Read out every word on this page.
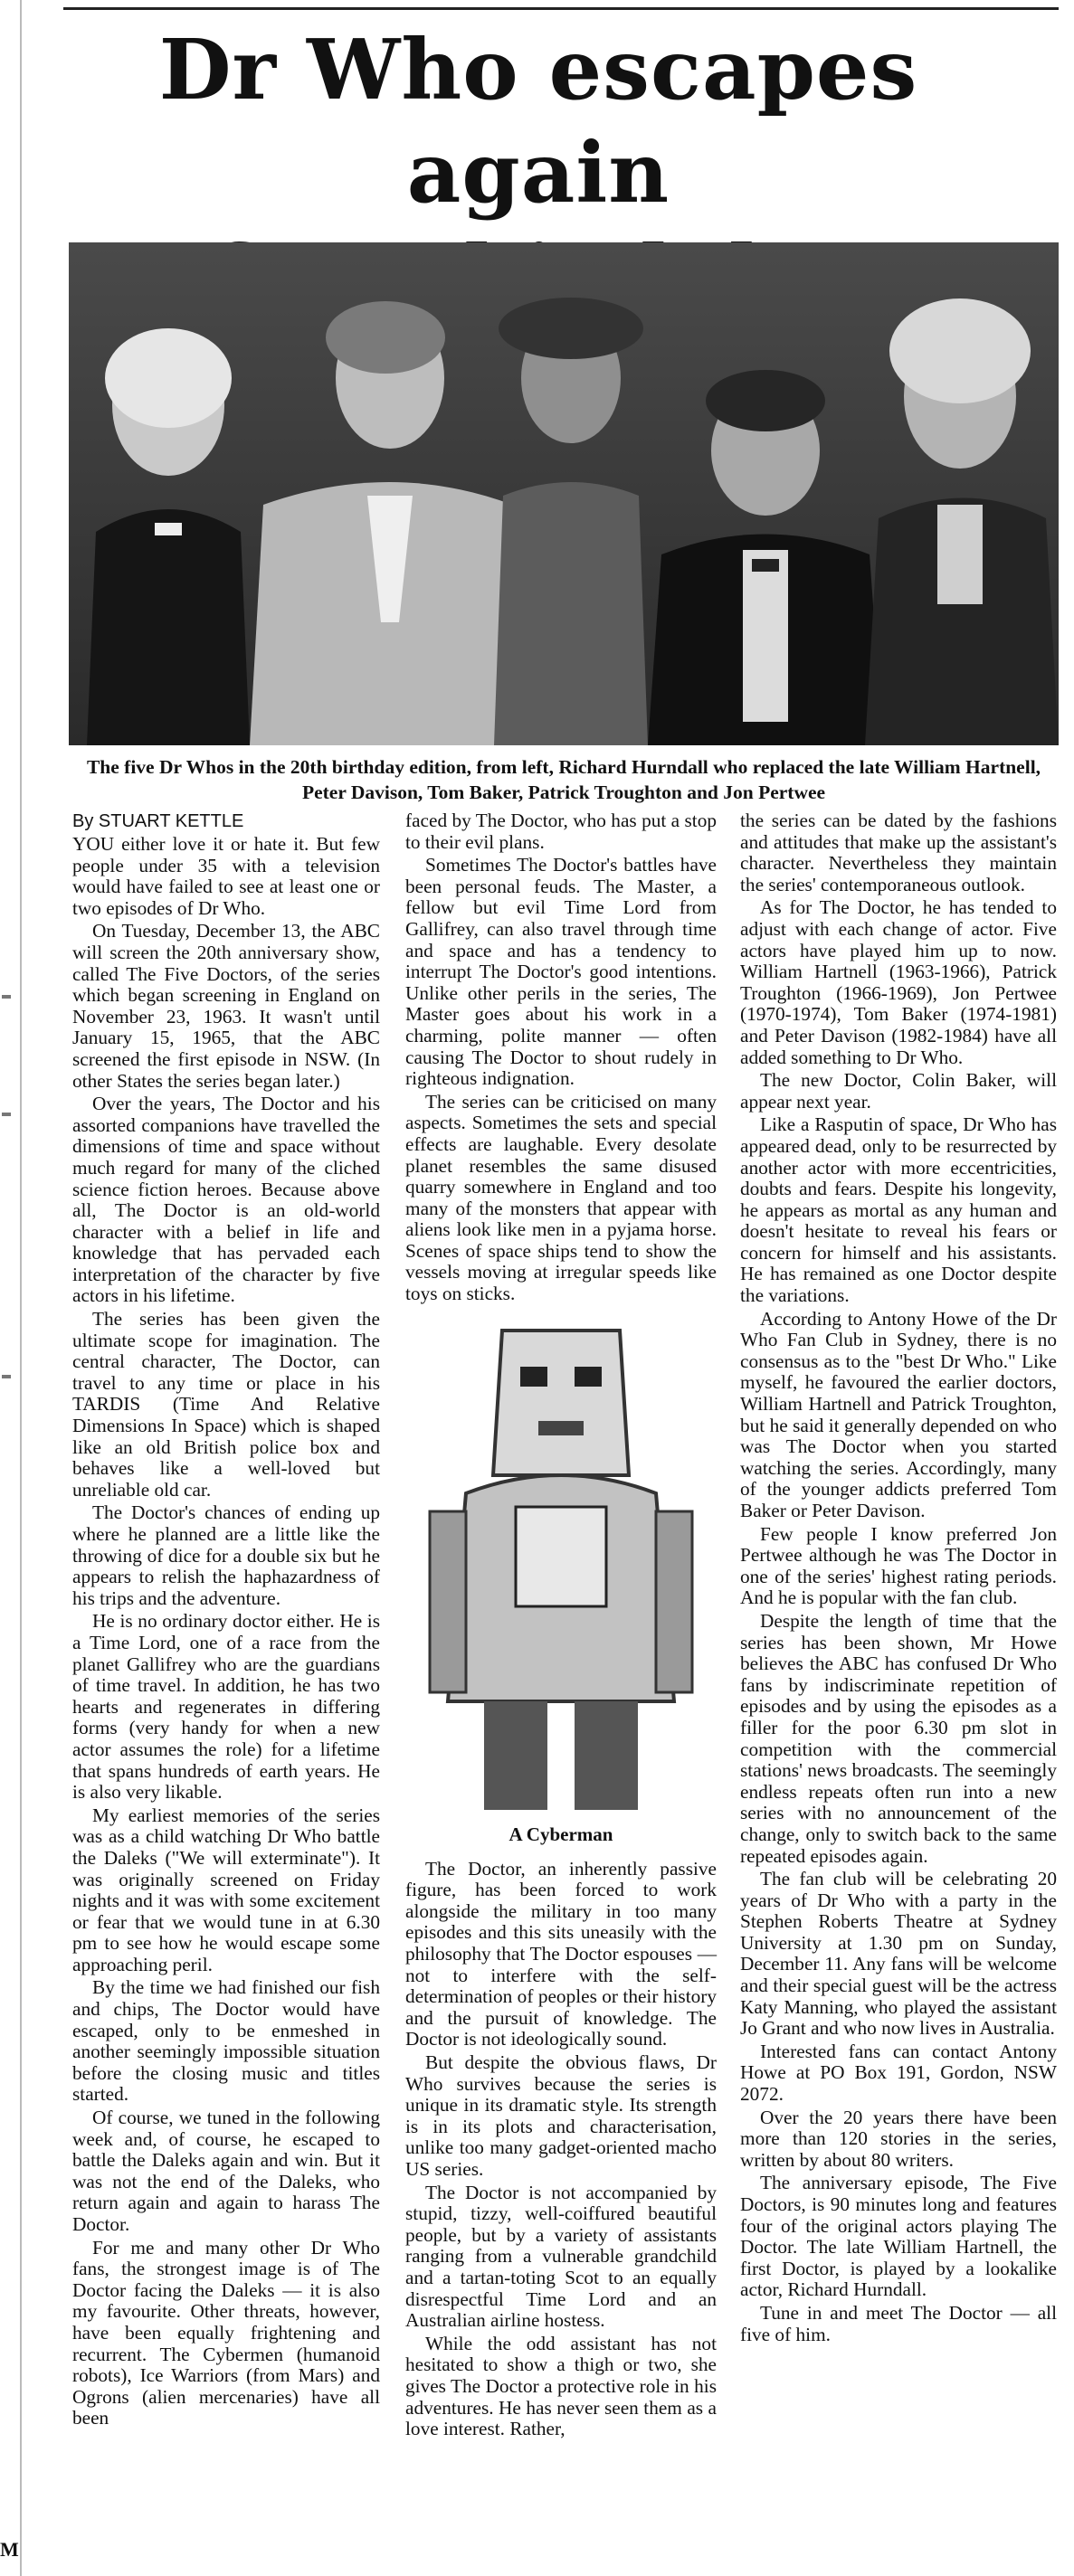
Dr Who escapes again

The five Dr Whos in the 20th birthday edition, from left, Richard Hurndall who replaced the late William Hartnell, Peter Davison, Tom Baker, Patrick Troughton and Jon Pertwee
By STUART KETTLE

YOU either love it or hate it. But few people under 35 with a television would have failed to see at least one or two episodes of Dr Who.

On Tuesday, December 13, the ABC will screen the 20th anniversary show, called The Five Doctors, of the series which began screening in England on November 23, 1963. It wasn't until January 15, 1965, that the ABC screened the first episode in NSW. (In other States the series began later.)

Over the years, The Doctor and his assorted companions have travelled the dimensions of time and space without much regard for many of the cliched science fiction heroes. Because above all, The Doctor is an old-world character with a belief in life and knowledge that has pervaded each interpretation of the character by five actors in his lifetime.

The series has been given the ultimate scope for imagination. The central character, The Doctor, can travel to any time or place in his TARDIS (Time And Relative Dimensions In Space) which is shaped like an old British police box and behaves like a well-loved but unreliable old car.

The Doctor's chances of ending up where he planned are a little like the throwing of dice for a double six but he appears to relish the haphazardness of his trips and the adventure.

He is no ordinary doctor either. He is a Time Lord, one of a race from the planet Gallifrey who are the guardians of time travel. In addition, he has two hearts and regenerates in differing forms (very handy for when a new actor assumes the role) for a lifetime that spans hundreds of earth years. He is also very likable.

My earliest memories of the series was as a child watching Dr Who battle the Daleks ("We will exterminate"). It was originally screened on Friday nights and it was with some excitement or fear that we would tune in at 6.30 pm to see how he would escape some approaching peril.

By the time we had finished our fish and chips, The Doctor would have escaped, only to be enmeshed in another seemingly impossible situation before the closing music and titles started.

Of course, we tuned in the following week and, of course, he escaped to battle the Daleks again and win. But it was not the end of the Daleks, who return again and again to harass The Doctor.

For me and many other Dr Who fans, the strongest image is of The Doctor facing the Daleks — it is also my favourite. Other threats, however, have been equally frightening and recurrent. The Cybermen (humanoid robots), Ice Warriors (from Mars) and Ogrons (alien mercenaries) have all been

faced by The Doctor, who has put a stop to their evil plans.

Sometimes The Doctor's battles have been personal feuds. The Master, a fellow but evil Time Lord from Gallifrey, can also travel through time and space and has a tendency to interrupt The Doctor's good intentions. Unlike other perils in the series, The Master goes about his work in a charming, polite manner — often causing The Doctor to shout rudely in righteous indignation.

The series can be criticised on many aspects. Sometimes the sets and special effects are laughable. Every desolate planet resembles the same disused quarry somewhere in England and too many of the monsters that appear with aliens look like men in a pyjama horse. Scenes of space ships tend to show the vessels moving at irregular speeds like toys on sticks.

A Cyberman

The Doctor, an inherently passive figure, has been forced to work alongside the military in too many episodes and this sits uneasily with the philosophy that The Doctor espouses — not to interfere with the self-determination of peoples or their history and the pursuit of knowledge. The Doctor is not ideologically sound.

But despite the obvious flaws, Dr Who survives because the series is unique in its dramatic style. Its strength is in its plots and characterisation, unlike too many gadget-oriented macho US series.

The Doctor is not accompanied by stupid, tizzy, well-coiffured beautiful people, but by a variety of assistants ranging from a vulnerable grandchild and a tartan-toting Scot to an equally disrespectful Time Lord and an Australian airline hostess.

While the odd assistant has not hesitated to show a thigh or two, she gives The Doctor a protective role in his adventures. He has never seen them as a love interest. Rather,

the series can be dated by the fashions and attitudes that make up the assistant's character. Nevertheless they maintain the series' contemporaneous outlook.

As for The Doctor, he has tended to adjust with each change of actor. Five actors have played him up to now. William Hartnell (1963-1966), Patrick Troughton (1966-1969), Jon Pertwee (1970-1974), Tom Baker (1974-1981) and Peter Davison (1982-1984) have all added something to Dr Who.

The new Doctor, Colin Baker, will appear next year.

Like a Rasputin of space, Dr Who has appeared dead, only to be resurrected by another actor with more eccentricities, doubts and fears. Despite his longevity, he appears as mortal as any human and doesn't hesitate to reveal his fears or concern for himself and his assistants. He has remained as one Doctor despite the variations.

According to Antony Howe of the Dr Who Fan Club in Sydney, there is no consensus as to the "best Dr Who." Like myself, he favoured the earlier doctors, William Hartnell and Patrick Troughton, but he said it generally depended on who was The Doctor when you started watching the series. Accordingly, many of the younger addicts preferred Tom Baker or Peter Davison.

Few people I know preferred Jon Pertwee although he was The Doctor in one of the series' highest rating periods. And he is popular with the fan club.

Despite the length of time that the series has been shown, Mr Howe believes the ABC has confused Dr Who fans by indiscriminate repetition of episodes and by using the episodes as a filler for the poor 6.30 pm slot in competition with the commercial stations' news broadcasts. The seemingly endless repeats often run into a new series with no announcement of the change, only to switch back to the same repeated episodes again.

The fan club will be celebrating 20 years of Dr Who with a party in the Stephen Roberts Theatre at Sydney University at 1.30 pm on Sunday, December 11. Any fans will be welcome and their special guest will be the actress Katy Manning, who played the assistant Jo Grant and who now lives in Australia.

Interested fans can contact Antony Howe at PO Box 191, Gordon, NSW 2072.

Over the 20 years there have been more than 120 stories in the series, written by about 80 writers.

The anniversary episode, The Five Doctors, is 90 minutes long and features four of the original actors playing The Doctor. The late William Hartnell, the first Doctor, is played by a lookalike actor, Richard Hurndall.

Tune in and meet The Doctor — all five of him.

M
